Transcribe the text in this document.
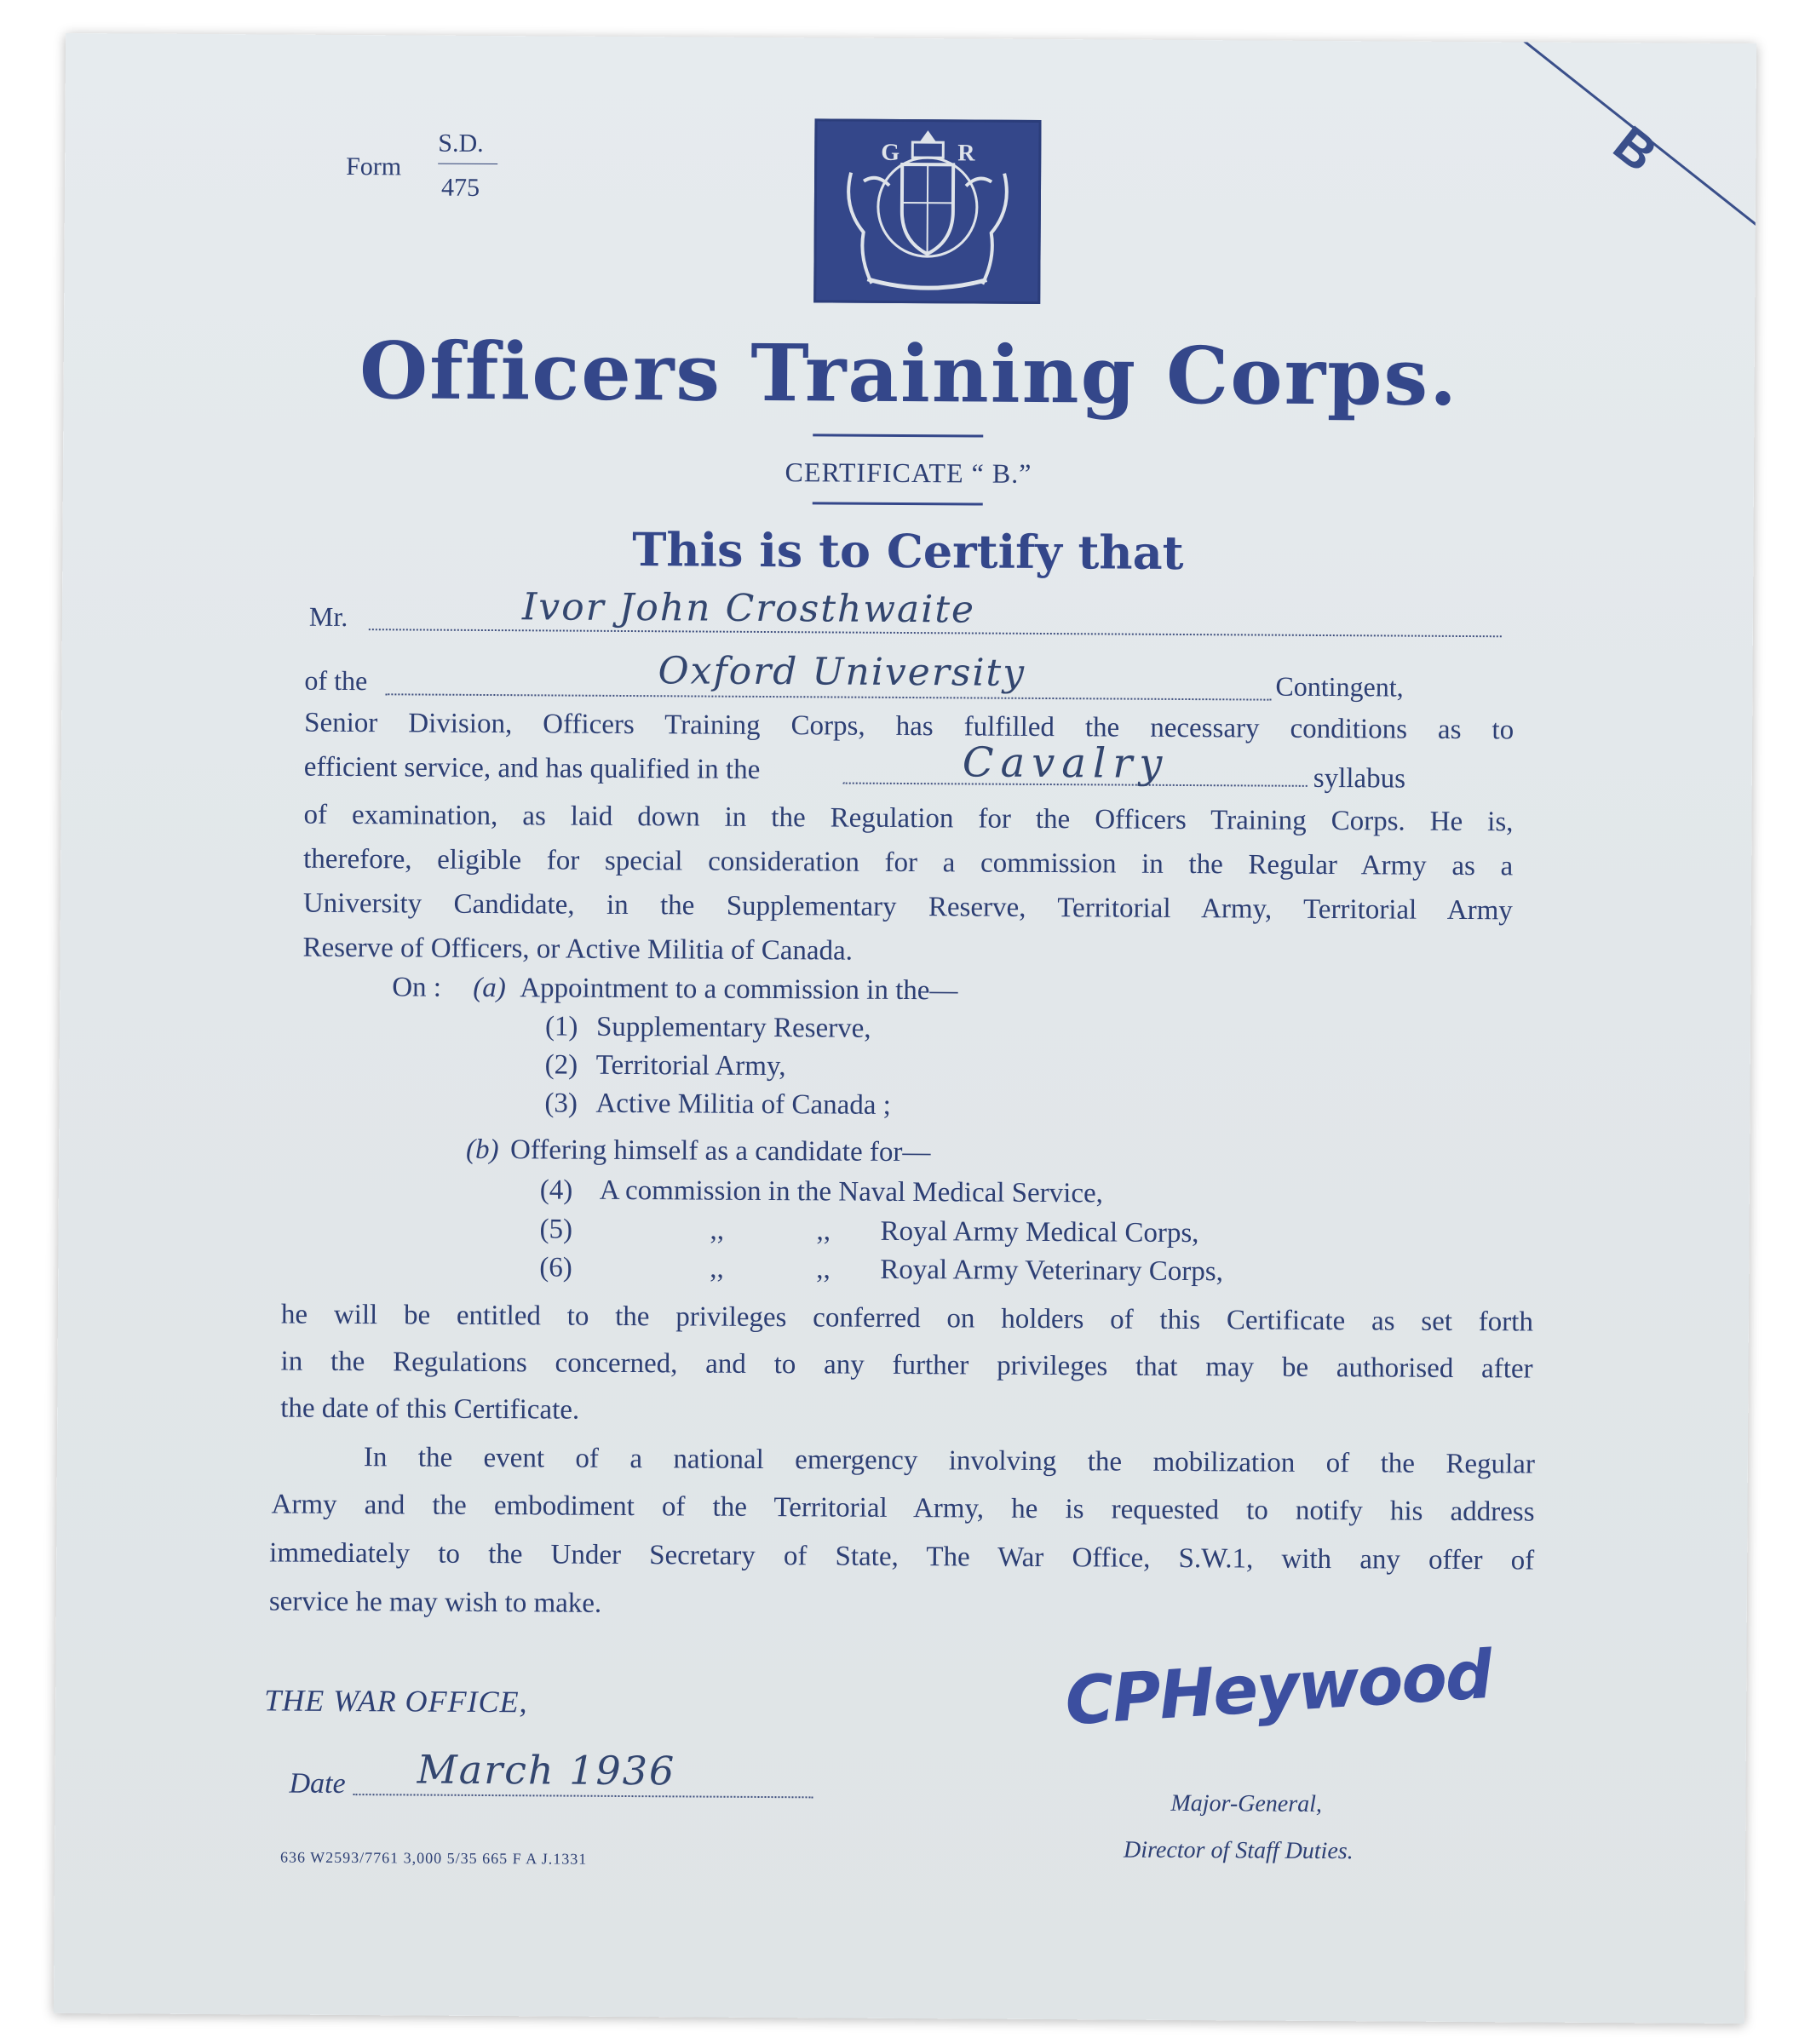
B
Form
S.D.
475
G R
Officers Training Corps.
CERTIFICATE “ B.”
This is to Certify that
Mr.	Ivor John Crosthwaite
of the	Oxford University	Contingent,
Senior Division, Officers Training Corps, has fulfilled the necessary conditions as to
efficient service, and has qualified in the	Cavalry	syllabus
of examination, as laid down in the Regulation for the Officers Training Corps. He is,
therefore, eligible for special consideration for a commission in the Regular Army as a
University Candidate, in the Supplementary Reserve, Territorial Army, Territorial Army
Reserve of Officers, or Active Militia of Canada.
On : (a) Appointment to a commission in the—
(1) Supplementary Reserve,
(2) Territorial Army,
(3) Active Militia of Canada ;
(b) Offering himself as a candidate for—
(4) A commission in the Naval Medical Service,
(5)	,,	,, Royal Army Medical Corps,
(6)	,,	,, Royal Army Veterinary Corps,
he will be entitled to the privileges conferred on holders of this Certificate as set forth
in the Regulations concerned, and to any further privileges that may be authorised after
the date of this Certificate.
In the event of a national emergency involving the mobilization of the Regular
Army and the embodiment of the Territorial Army, he is requested to notify his address
immediately to the Under Secretary of State, The War Office, S.W.1, with any offer of
service he may wish to make.
THE WAR OFFICE,
Date March 1936
636 W2593/7761 3,000 5/35 665 F A J.1331
CPHeywood
Major-General,
Director of Staff Duties.
